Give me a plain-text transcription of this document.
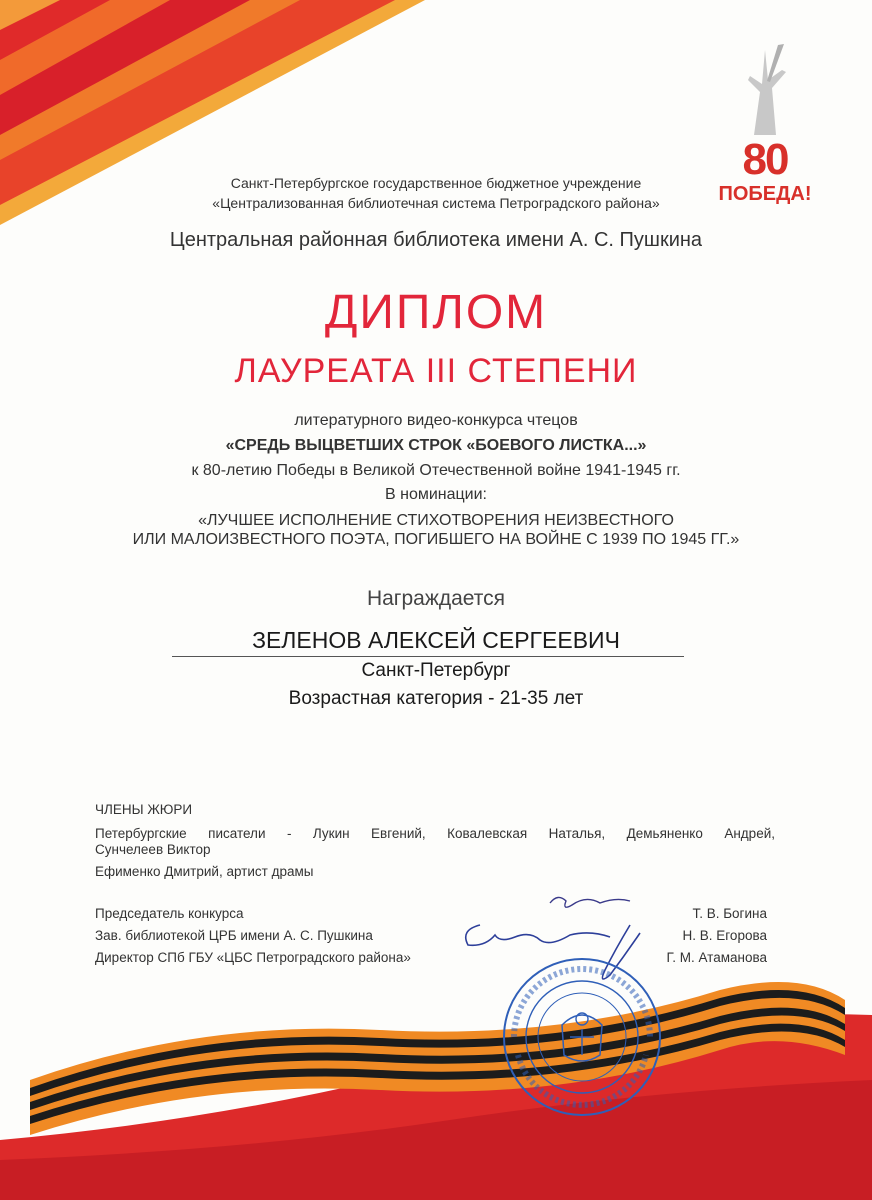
80
ПОБЕДА!
Санкт-Петербургское государственное бюджетное учреждение
«Централизованная библиотечная система Петроградского района»
Центральная районная библиотека имени А. С. Пушкина
ДИПЛОМ
ЛАУРЕАТА III СТЕПЕНИ
литературного видео-конкурса чтецов
«СРЕДЬ ВЫЦВЕТШИХ СТРОК «БОЕВОГО ЛИСТКА...»
к 80-летию Победы в Великой Отечественной войне 1941-1945 гг.
В номинации:
«ЛУЧШЕЕ ИСПОЛНЕНИЕ СТИХОТВОРЕНИЯ НЕИЗВЕСТНОГО
ИЛИ МАЛОИЗВЕСТНОГО ПОЭТА, ПОГИБШЕГО НА ВОЙНЕ С 1939 ПО 1945 ГГ.»
Награждается
ЗЕЛЕНОВ АЛЕКСЕЙ СЕРГЕЕВИЧ
Санкт-Петербург
Возрастная категория - 21-35 лет
ЧЛЕНЫ ЖЮРИ
Петербургские писатели - Лукин Евгений, Ковалевская Наталья, Демьяненко Андрей,
Сунчелеев Виктор
Ефименко Дмитрий, артист драмы
Председатель конкурса
Зав. библиотекой ЦРБ имени А. С. Пушкина
Директор СПб ГБУ «ЦБС Петроградского района»
Т. В. Богина
Н. В. Егорова
Г. М. Атаманова
